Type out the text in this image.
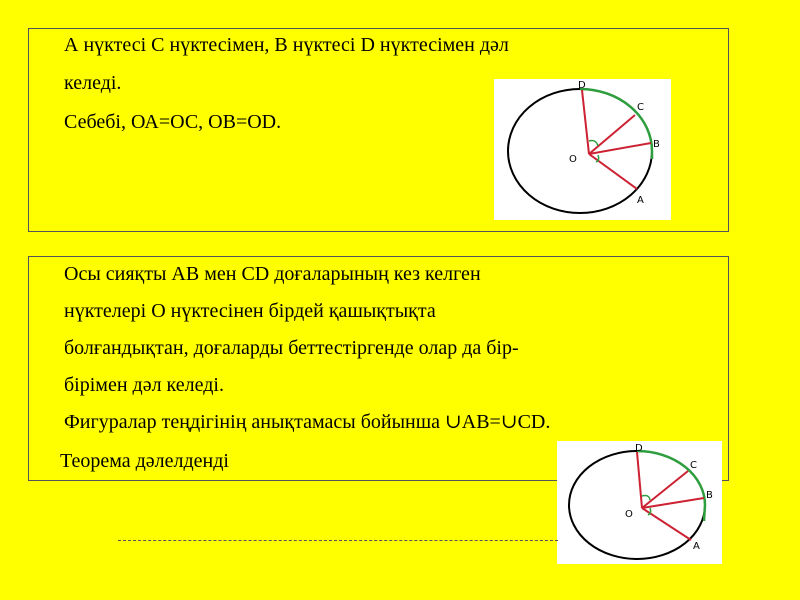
А нүктесі С нүктесімен, В нүктесі D нүктесімен дәл
келеді.
Себебі, ОА=ОС, ОВ=OD.
O
A
B
C
D
Осы сияқты АВ мен CD доғаларының кез келген
нүктелері О нүктесінен бірдей қашықтықта
болғандықтан, доғаларды беттестіргенде олар да бір-
бірімен дәл келеді.
Фигуралар теңдігінің анықтамасы бойынша ∪АВ=∪CD.
Теорема дәлелденді
O
A
B
C
D
